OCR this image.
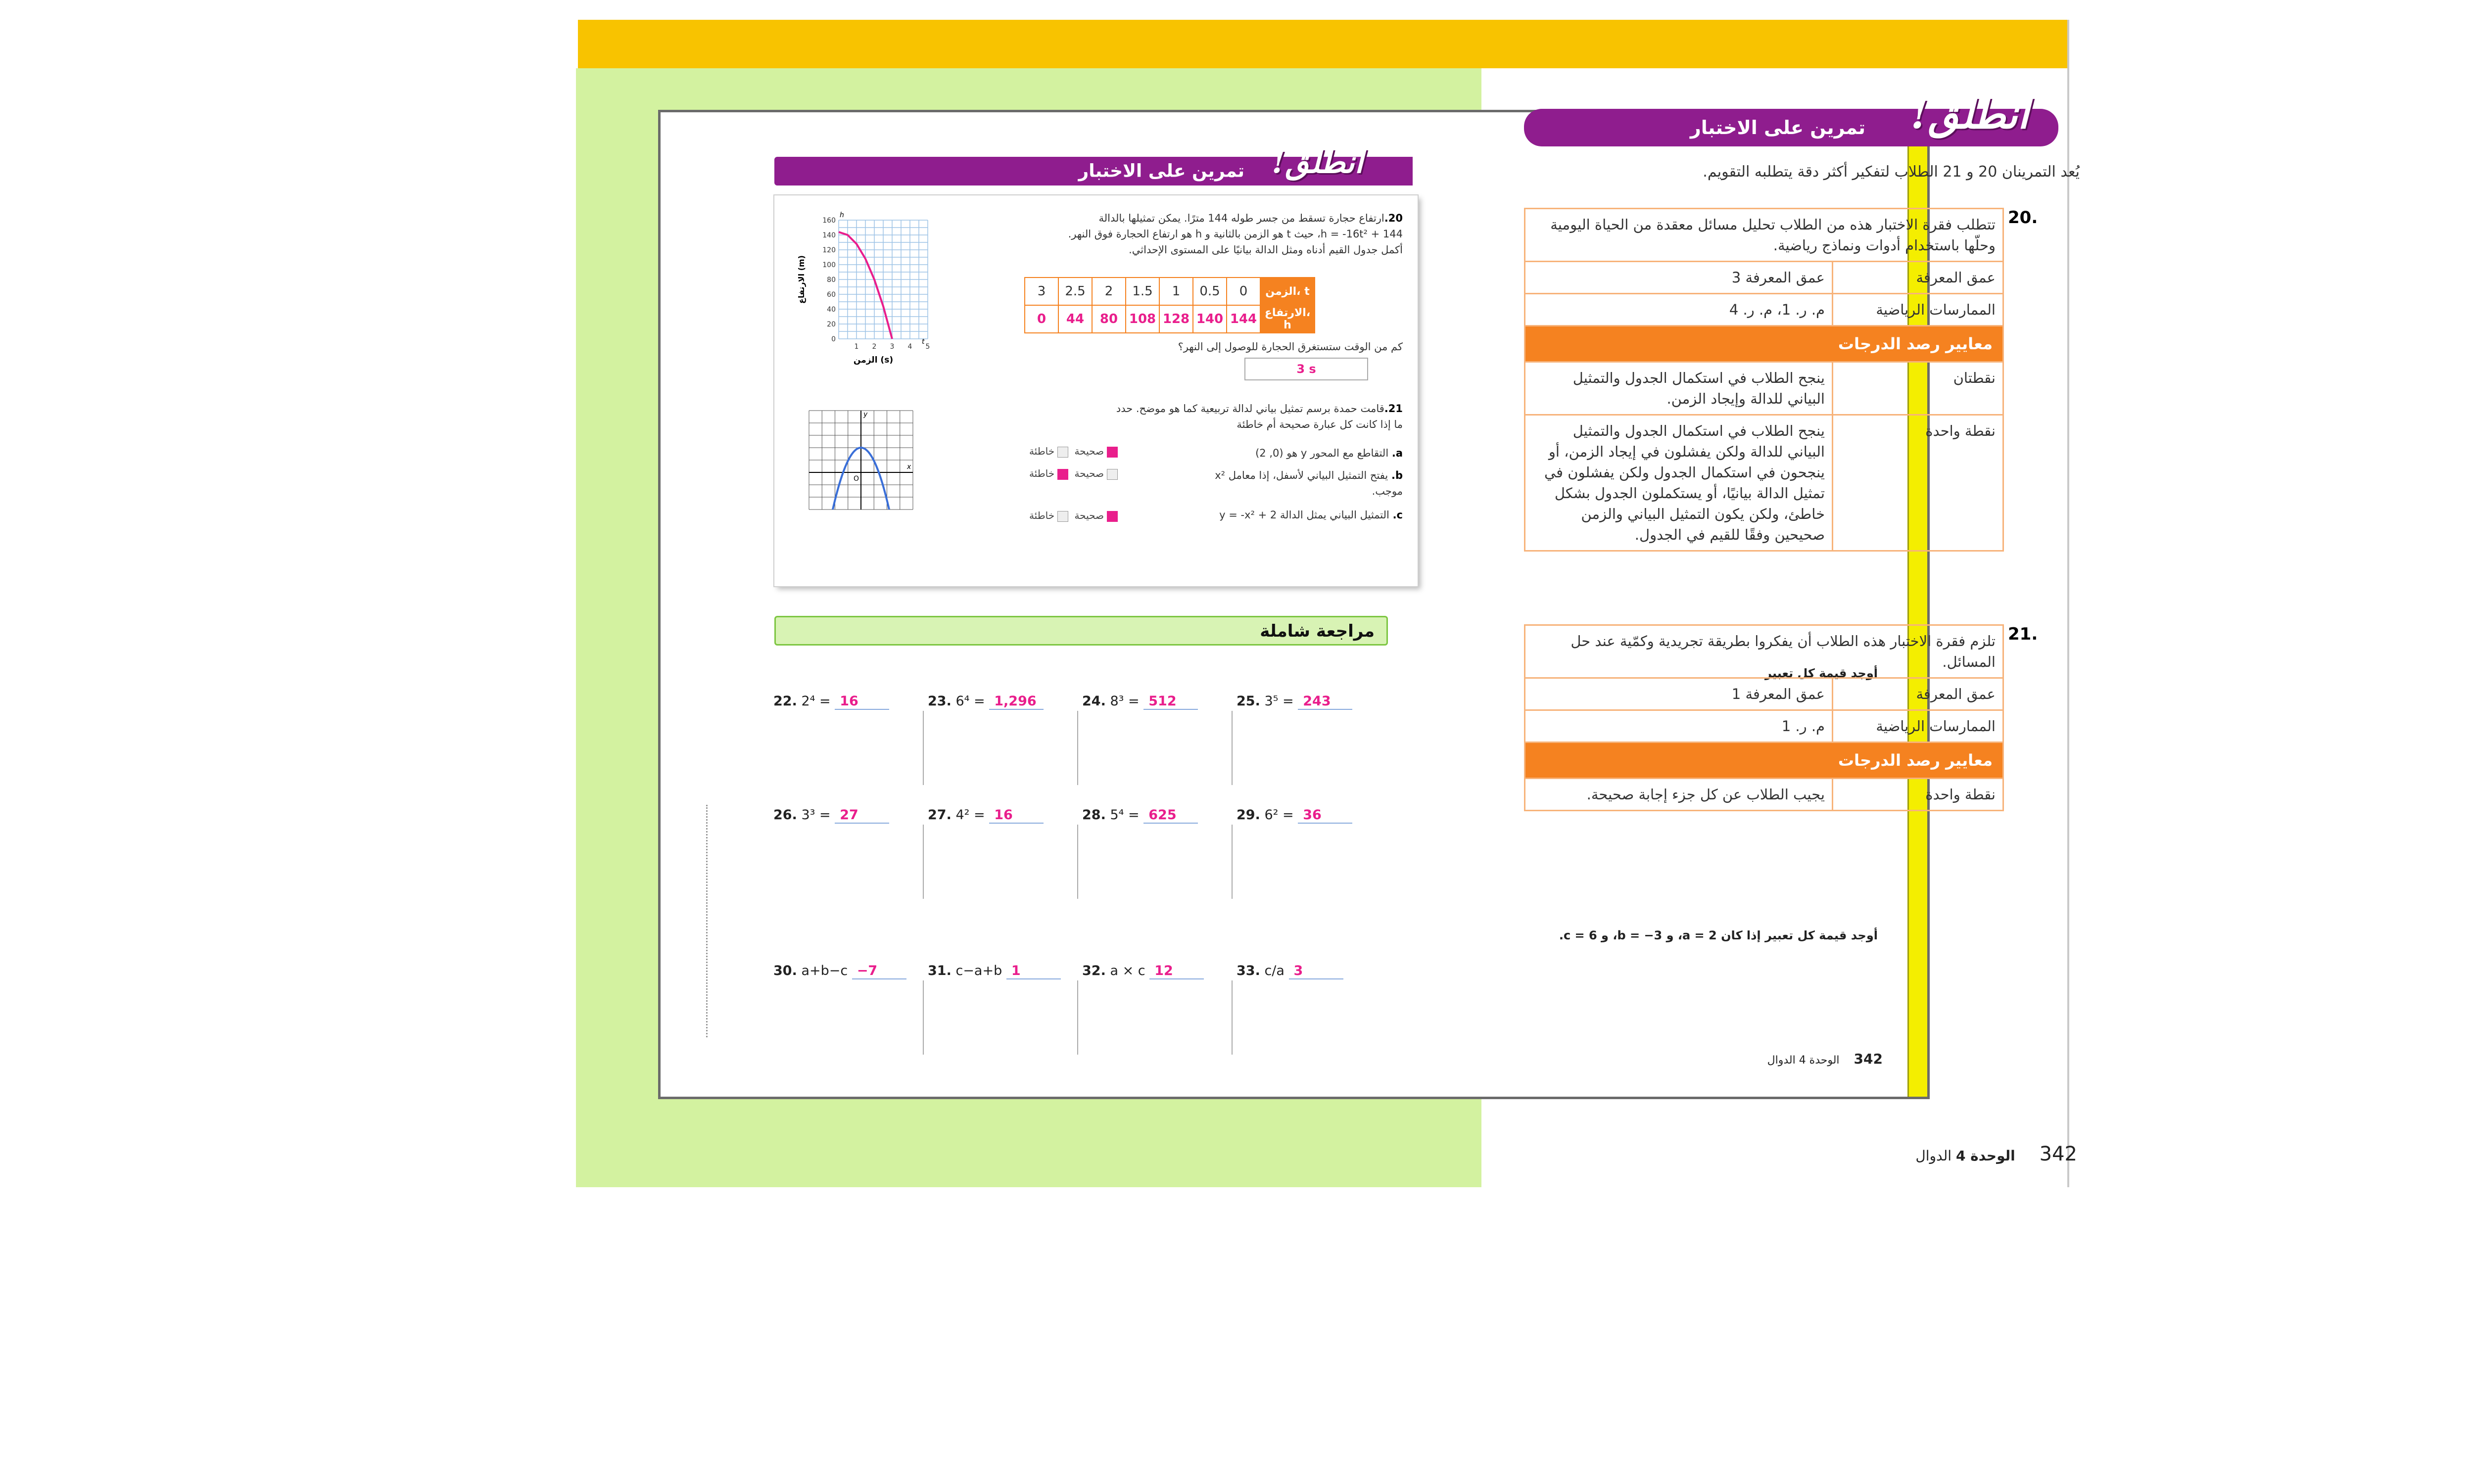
انطلق!
تمرين على الاختبار
160
140
120
100
80
60
40
20
0
1 2 3 4 5
h
t
الزمن (s)
الارتفاع (m)
20.ارتفاع حجارة تسقط من جسر طوله 144 مترًا. يمكن تمثيلها بالدالة
h = -16t² + 144، حيث t هو الزمن بالثانية و h هو ارتفاع الحجارة فوق النهر.
أكمل جدول القيم أدناه ومثل الدالة بيانيًا على المستوى الإحداثي.
3	2.5	2	1.5	1	0.5	0	الزمن، t
0	44	80	108	128	140	144	الارتفاع، h
كم من الوقت ستستغرق الحجارة للوصول إلى النهر؟
3 s
y
x
O
21.قامت حمدة برسم تمثيل بياني لدالة تربيعية كما هو موضح. حدد
ما إذا كانت كل عبارة صحيحة أم خاطئة
a. التقاطع مع المحور y هو (0, 2)
صحيحة خاطئة
b. يفتح التمثيل البياني لأسفل، إذا معامل x² موجب.
صحيحة خاطئة
c. التمثيل البياني يمثل الدالة y = -x² + 2
صحيحة خاطئة
مراجعة شاملة
أوجد قيمة كل تعبير
22. 2⁴ = 16	23. 6⁴ = 1,296	24. 8³ = 512	25. 3⁵ = 243
26. 3³ = 27	27. 4² = 16	28. 5⁴ = 625	29. 6² = 36
أوجد قيمة كل تعبير إذا كان a = 2، و b = −3، و c = 6.
30. a+b−c −7	31. c−a+b 1	32. a × c 12	33. c/a 3
342 الوحدة 4 الدوال
انطلق!
تمرين على الاختبار
يُعد التمرينان 20 و 21 الطلاب لتفكير أكثر دقة يتطلبه التقويم.
20.
تتطلب فقرة الاختبار هذه من الطلاب تحليل مسائل معقدة من الحياة اليومية وحلّها باستخدام أدوات ونماذج رياضية.	
عمق المعرفة	عمق المعرفة 3
الممارسات الرياضية	م. ر. 1، م. ر. 4
معايير رصد الدرجات	
نقطتان	ينجح الطلاب في استكمال الجدول والتمثيل البياني للدالة وإيجاد الزمن.
نقطة واحدة	ينجح الطلاب في استكمال الجدول والتمثيل البياني للدالة ولكن يفشلون في إيجاد الزمن، أو ينجحون في استكمال الجدول ولكن يفشلون في تمثيل الدالة بيانيًا، أو يستكملون الجدول بشكل خاطئ، ولكن يكون التمثيل البياني والزمن صحيحين وفقًا للقيم في الجدول.
21.
تلزم فقرة الاختبار هذه الطلاب أن يفكروا بطريقة تجريدية وكمّية عند حل المسائل.	
عمق المعرفة	عمق المعرفة 1
الممارسات الرياضية	م. ر. 1
معايير رصد الدرجات	
نقطة واحدة	يجيب الطلاب عن كل جزء إجابة صحيحة.
342 الوحدة 4 الدوال
